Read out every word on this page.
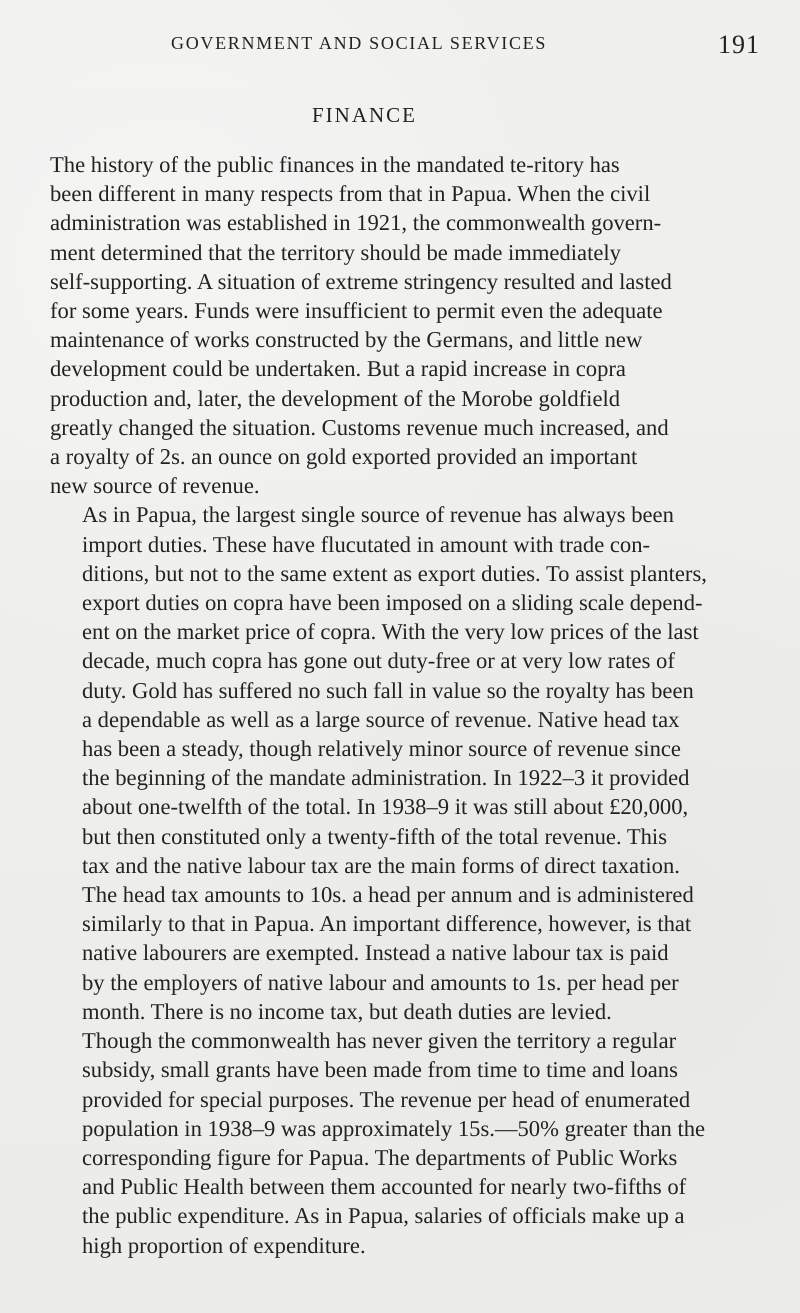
GOVERNMENT AND SOCIAL SERVICES	191
FINANCE

The history of the public finances in the mandated te-ritory has
been different in many respects from that in Papua. When the civil
administration was established in 1921, the commonwealth govern-
ment determined that the territory should be made immediately
self-supporting. A situation of extreme stringency resulted and lasted
for some years. Funds were insufficient to permit even the adequate
maintenance of works constructed by the Germans, and little new
development could be undertaken. But a rapid increase in copra
production and, later, the development of the Morobe goldfield
greatly changed the situation. Customs revenue much increased, and
a royalty of 2s. an ounce on gold exported provided an important
new source of revenue.

As in Papua, the largest single source of revenue has always been
import duties. These have flucutated in amount with trade con-
ditions, but not to the same extent as export duties. To assist planters,
export duties on copra have been imposed on a sliding scale depend-
ent on the market price of copra. With the very low prices of the last
decade, much copra has gone out duty-free or at very low rates of
duty. Gold has suffered no such fall in value so the royalty has been
a dependable as well as a large source of revenue. Native head tax
has been a steady, though relatively minor source of revenue since
the beginning of the mandate administration. In 1922–3 it provided
about one-twelfth of the total. In 1938–9 it was still about £20,000,
but then constituted only a twenty-fifth of the total revenue. This
tax and the native labour tax are the main forms of direct taxation.
The head tax amounts to 10s. a head per annum and is administered
similarly to that in Papua. An important difference, however, is that
native labourers are exempted. Instead a native labour tax is paid
by the employers of native labour and amounts to 1s. per head per
month. There is no income tax, but death duties are levied.

Though the commonwealth has never given the territory a regular
subsidy, small grants have been made from time to time and loans
provided for special purposes. The revenue per head of enumerated
population in 1938–9 was approximately 15s.—50% greater than the
corresponding figure for Papua. The departments of Public Works
and Public Health between them accounted for nearly two-fifths of
the public expenditure. As in Papua, salaries of officials make up a
high proportion of expenditure.
